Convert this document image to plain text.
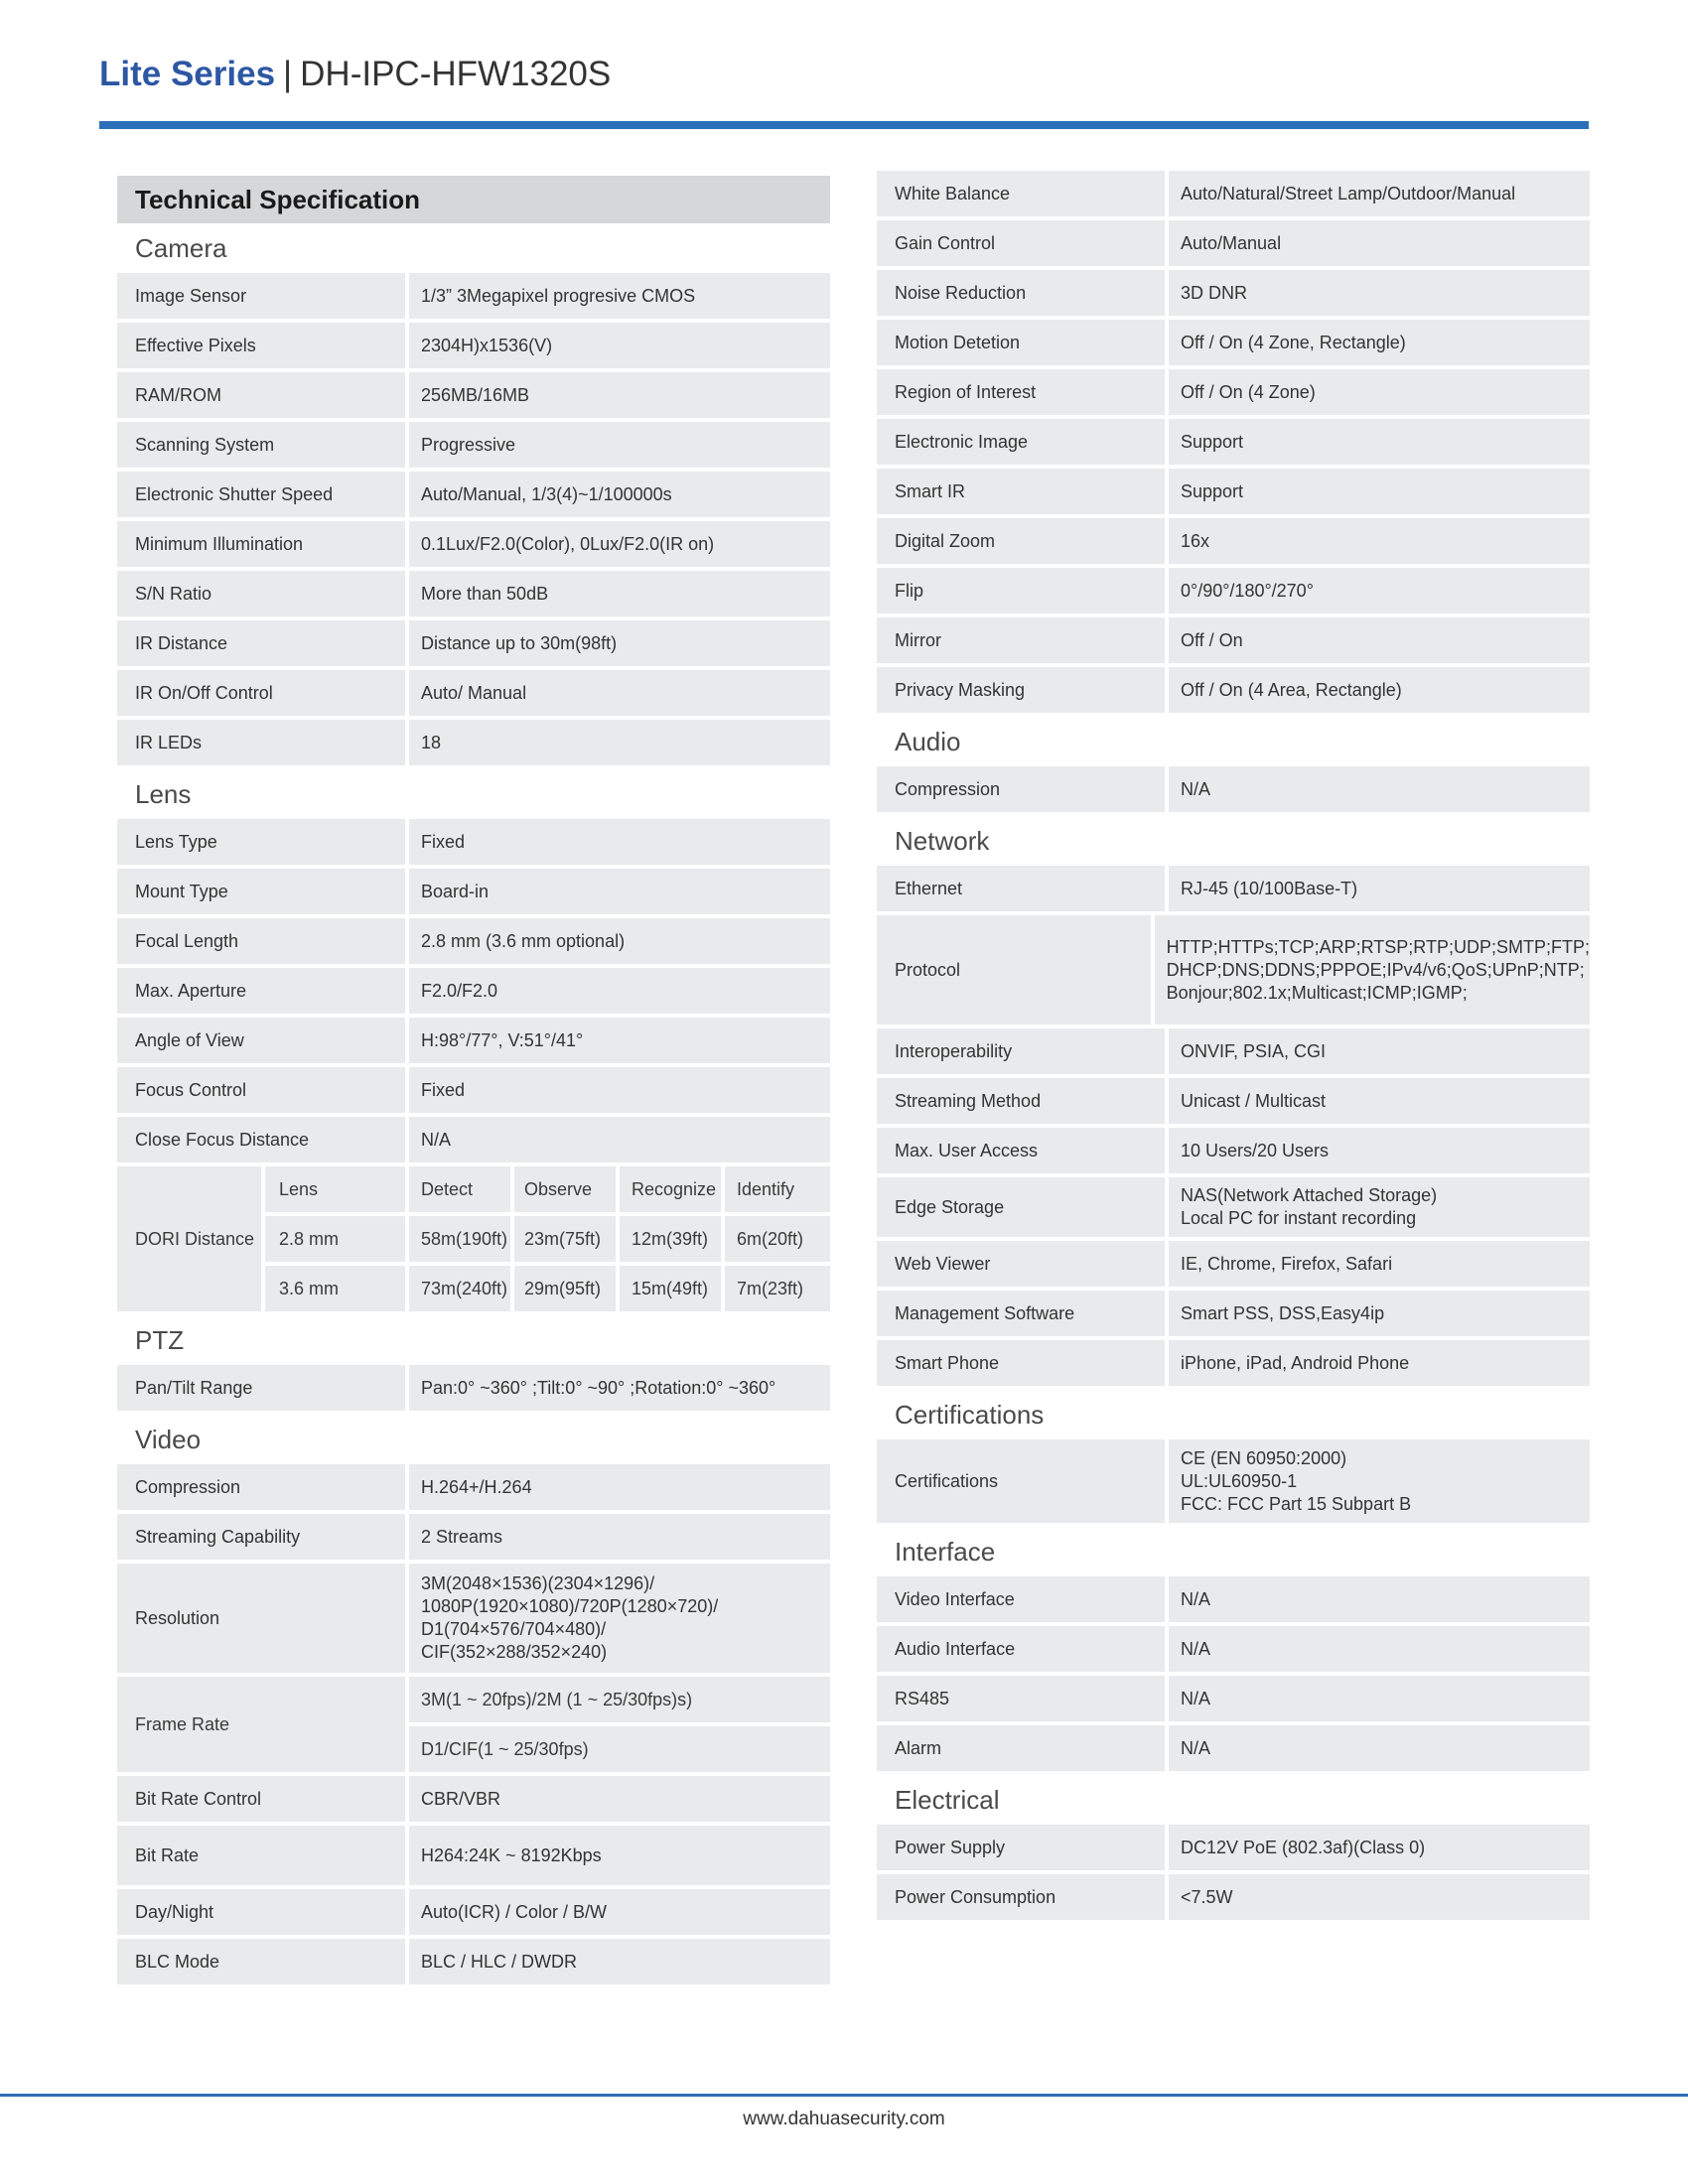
Lite Series | DH-IPC-HFW1320S
Technical Specification
Camera
Image Sensor	1/3” 3Megapixel progresive CMOS
Effective Pixels	2304H)x1536(V)
RAM/ROM	256MB/16MB
Scanning System	Progressive
Electronic Shutter Speed	Auto/Manual, 1/3(4)~1/100000s
Minimum Illumination	0.1Lux/F2.0(Color), 0Lux/F2.0(IR on)
S/N Ratio	More than 50dB
IR Distance	Distance up to 30m(98ft)
IR On/Off Control	Auto/ Manual
IR LEDs	18
Lens
Lens Type	Fixed
Mount Type	Board-in
Focal Length	2.8 mm (3.6 mm optional)
Max. Aperture	F2.0/F2.0
Angle of View	H:98°/77°, V:51°/41°
Focus Control	Fixed
Close Focus Distance	N/A
DORI Distance
Lens	Detect	Observe	Recognize	Identify
2.8 mm	58m(190ft) 23m(75ft)	12m(39ft)	6m(20ft)
3.6 mm	73m(240ft) 29m(95ft)	15m(49ft)	7m(23ft)
PTZ
Pan/Tilt Range	Pan:0° ~360° ;Tilt:0° ~90° ;Rotation:0° ~360°
Video
Compression	H.264+/H.264
Streaming Capability	2 Streams
Resolution
3M(2048×1536)(2304×1296)/
1080P(1920×1080)/720P(1280×720)/
D1(704×576/704×480)/
CIF(352×288/352×240)
Frame Rate
3M(1 ~ 20fps)/2M (1 ~ 25/30fps)s)
D1/CIF(1 ~ 25/30fps)
Bit Rate Control	CBR/VBR
Bit Rate	H264:24K ~ 8192Kbps
Day/Night	Auto(ICR) / Color / B/W
BLC Mode	BLC / HLC / DWDR
White Balance	Auto/Natural/Street Lamp/Outdoor/Manual
Gain Control	Auto/Manual
Noise Reduction	3D DNR
Motion Detetion	Off / On (4 Zone, Rectangle)
Region of Interest	Off / On (4 Zone)
Electronic Image	Support
Smart IR	Support
Digital Zoom	16x
Flip	0°/90°/180°/270°
Mirror	Off / On
Privacy Masking	Off / On (4 Area, Rectangle)
Audio
Compression	N/A
Network
Ethernet	RJ-45 (10/100Base-T)
Protocol
HTTP;HTTPs;TCP;ARP;RTSP;RTP;UDP;SMTP;FTP;
DHCP;DNS;DDNS;PPPOE;IPv4/v6;QoS;UPnP;NTP;
Bonjour;802.1x;Multicast;ICMP;IGMP;
Interoperability	ONVIF, PSIA, CGI
Streaming Method	Unicast / Multicast
Max. User Access	10 Users/20 Users
Edge Storage
NAS(Network Attached Storage)
Local PC for instant recording
Web Viewer	IE, Chrome, Firefox, Safari
Management Software	Smart PSS, DSS,Easy4ip
Smart Phone	iPhone, iPad, Android Phone
Certifications
Certifications
CE (EN 60950:2000)
UL:UL60950-1
FCC: FCC Part 15 Subpart B
Interface
Video Interface	N/A
Audio Interface	N/A
RS485	N/A
Alarm	N/A
Electrical
Power Supply	DC12V PoE (802.3af)(Class 0)
Power Consumption	<7.5W
www.dahuasecurity.com
